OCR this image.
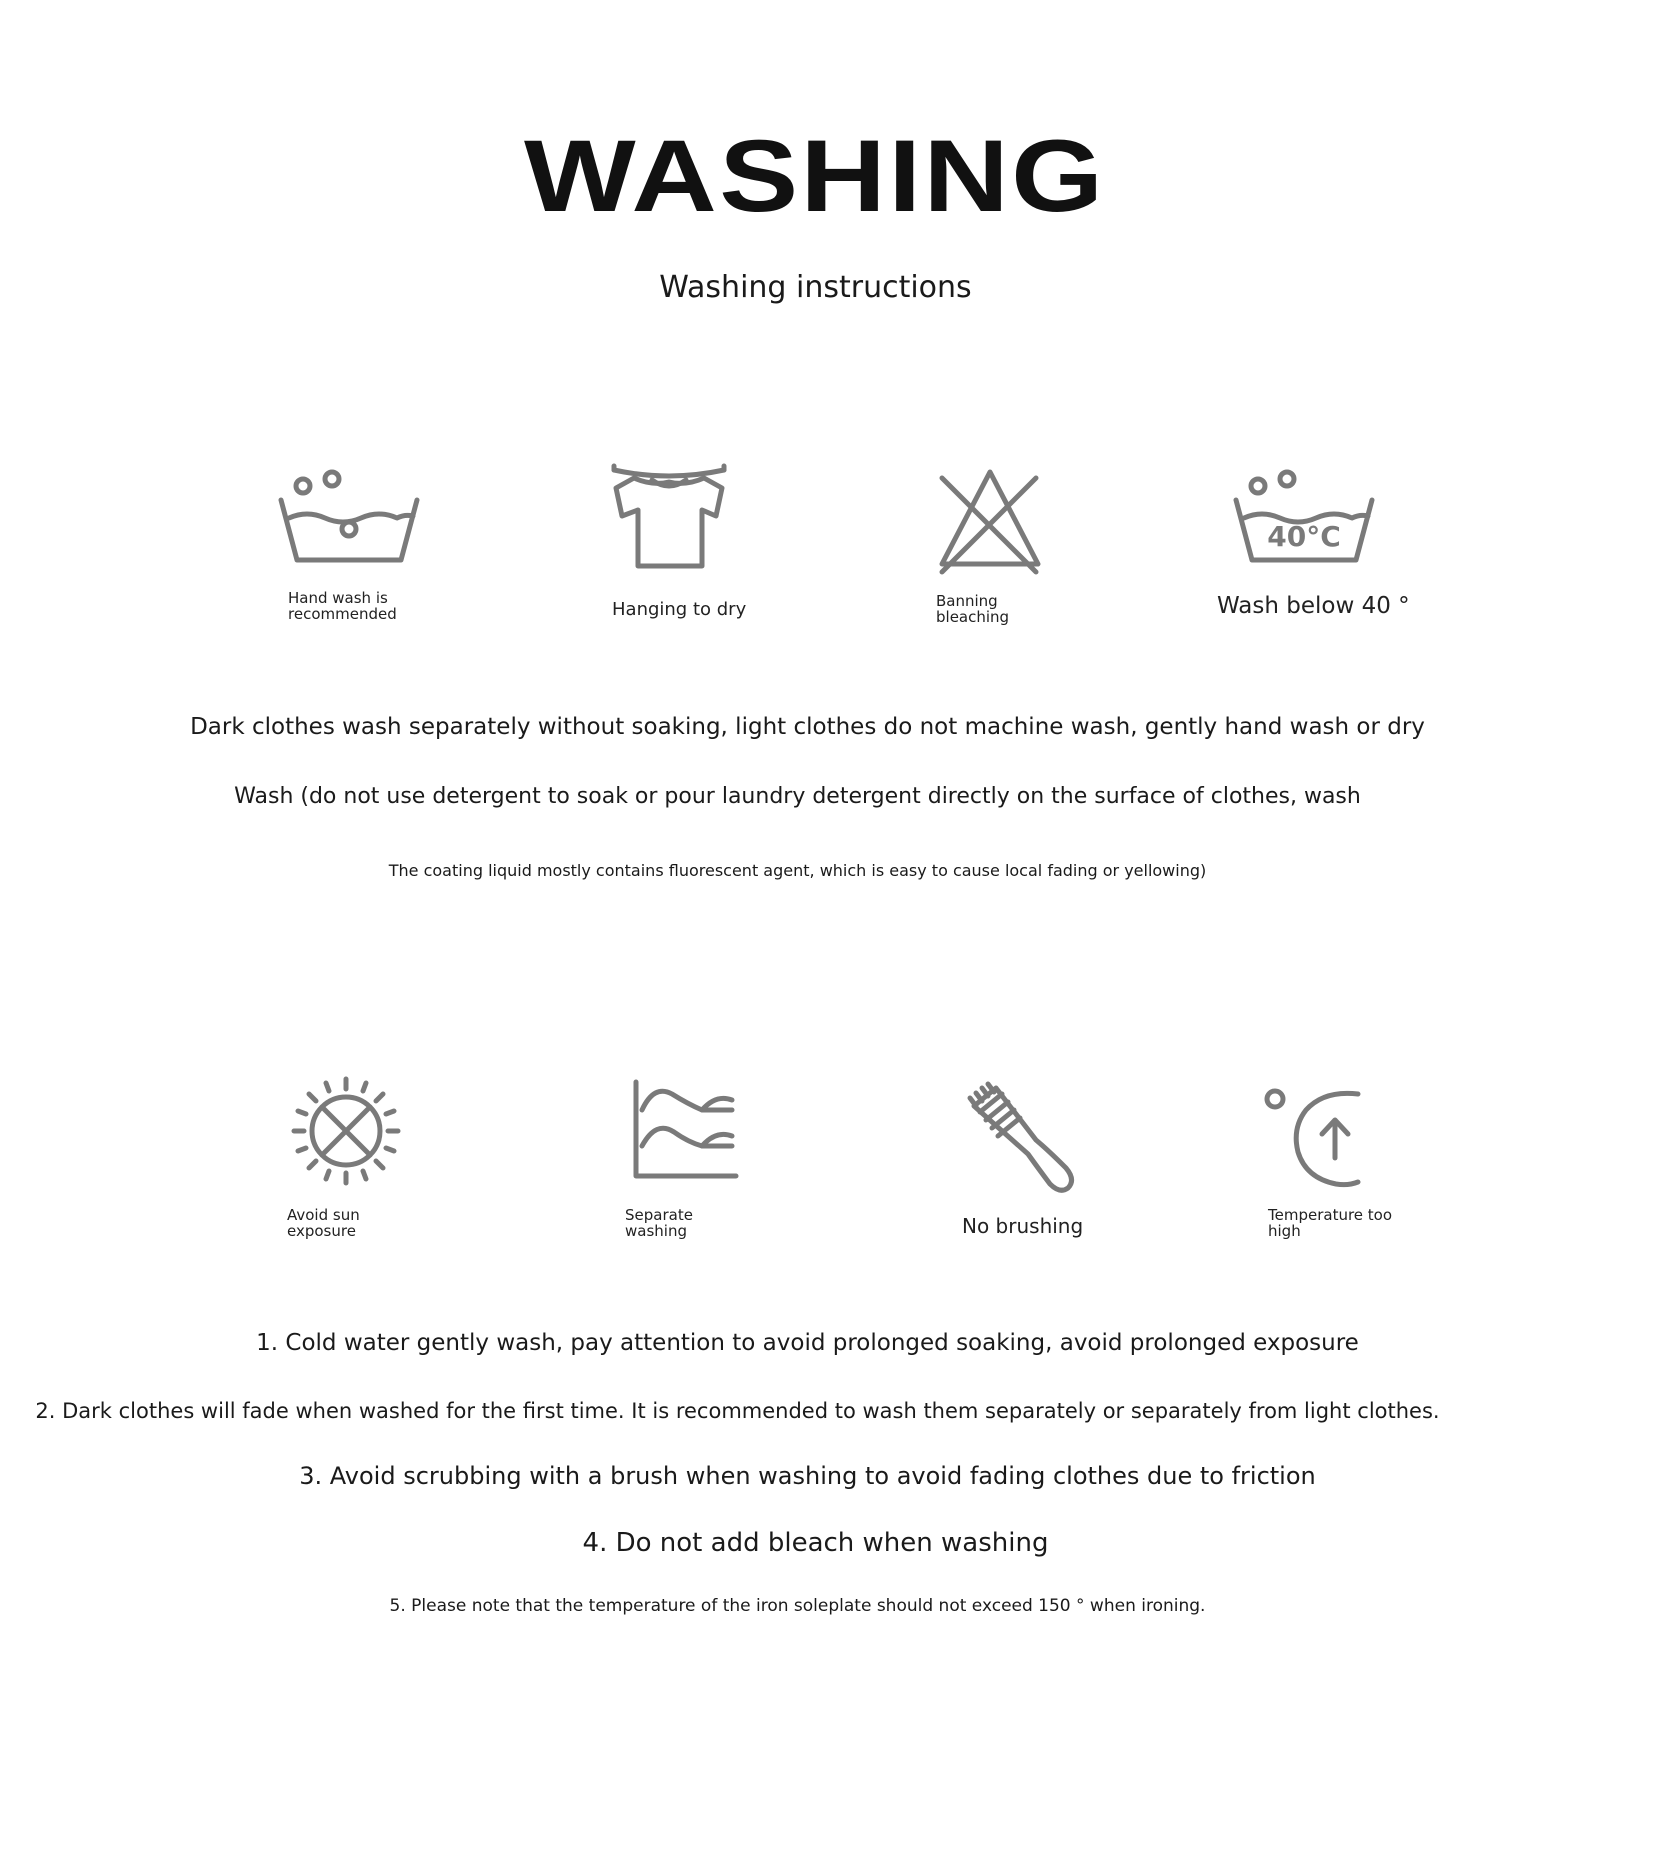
WASHING
Washing instructions
Hand wash is
recommended	Hanging to dry	Banning
bleaching
40°C
Wash below 40 °
Dark clothes wash separately without soaking, light clothes do not machine wash, gently hand wash or dry
Wash (do not use detergent to soak or pour laundry detergent directly on the surface of clothes, wash
The coating liquid mostly contains fluorescent agent, which is easy to cause local fading or yellowing)
Avoid sun
exposure
Separate
washing	No brushing	Temperature too
high
1. Cold water gently wash, pay attention to avoid prolonged soaking, avoid prolonged exposure
2. Dark clothes will fade when washed for the first time. It is recommended to wash them separately or separately from light clothes.
3. Avoid scrubbing with a brush when washing to avoid fading clothes due to friction
4. Do not add bleach when washing
5. Please note that the temperature of the iron soleplate should not exceed 150 ° when ironing.
